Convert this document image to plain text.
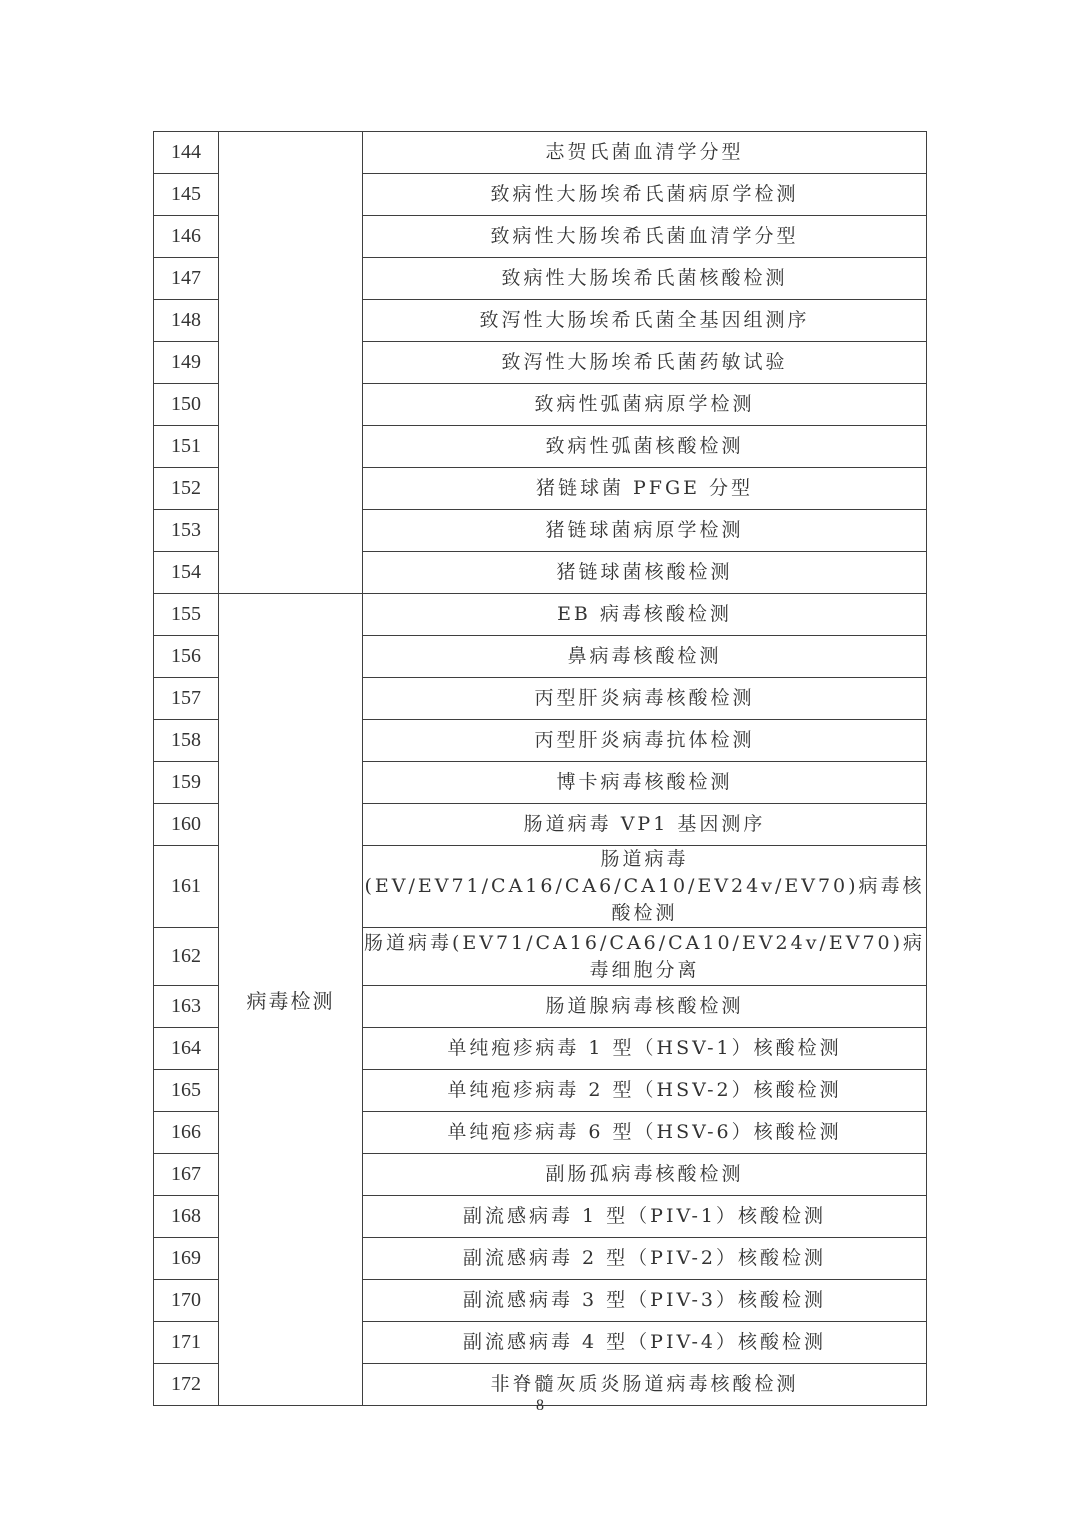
144		志贺氏菌血清学分型
145		致病性大肠埃希氏菌病原学检测
146		致病性大肠埃希氏菌血清学分型
147		致病性大肠埃希氏菌核酸检测
148		致泻性大肠埃希氏菌全基因组测序
149		致泻性大肠埃希氏菌药敏试验
150		致病性弧菌病原学检测
151		致病性弧菌核酸检测
152		猪链球菌 PFGE 分型
153		猪链球菌病原学检测
154		猪链球菌核酸检测
155	病毒检测	EB 病毒核酸检测
156		鼻病毒核酸检测
157		丙型肝炎病毒核酸检测
158		丙型肝炎病毒抗体检测
159		博卡病毒核酸检测
160		肠道病毒 VP1 基因测序
161		肠道病毒(EV/EV71/CA16/CA6/CA10/EV24v/EV70)病毒核酸检测
162		肠道病毒(EV71/CA16/CA6/CA10/EV24v/EV70)病毒细胞分离
163		肠道腺病毒核酸检测
164		单纯疱疹病毒 1 型（HSV-1）核酸检测
165		单纯疱疹病毒 2 型（HSV-2）核酸检测
166		单纯疱疹病毒 6 型（HSV-6）核酸检测
167		副肠孤病毒核酸检测
168		副流感病毒 1 型（PIV-1）核酸检测
169		副流感病毒 2 型（PIV-2）核酸检测
170		副流感病毒 3 型（PIV-3）核酸检测
171		副流感病毒 4 型（PIV-4）核酸检测
172		非脊髓灰质炎肠道病毒核酸检测
8
